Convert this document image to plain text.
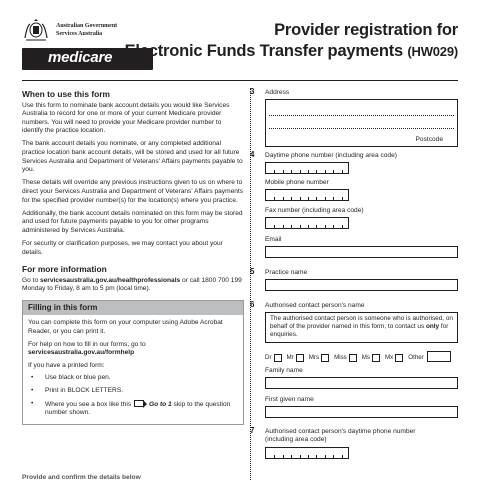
Australian Government
Services Australia
medicare
Provider registration for
Electronic Funds Transfer payments (HW029)
When to use this form

Use this form to nominate bank account details you would like Services Australia to record for one or more of your current Medicare provider numbers. You will need to provide your Medicare provider number to identify the practice location.

The bank account details you nominate, or any completed additional practice location bank account details, will be stored and used for all future Services Australia and Department of Veterans' Affairs payments payable to you.

These details will override any previous instructions given to us on where to direct your Services Australia and Department of Veterans' Affairs payments for the specified provider number(s) for the location(s) where you practice.

Additionally, the bank account details nominated on this form may be stored and used for future payments payable to you for other programs administered by Services Australia.

For security or clarification purposes, we may contact you about your details.

For more information

Go to servicesaustralia.gov.au/healthprofessionals or call 1800 700 199 Monday to Friday, 8 am to 5 pm (local time).

Filling in this form

You can complete this form on your computer using Adobe Acrobat Reader, or you can print it.

For help on how to fill in our forms, go to
servicesaustralia.gov.au/formhelp

If you have a printed form:

• Use black or blue pen.
• Print in BLOCK LETTERS.
• Where you see a box like this	Go to 1 skip to the question number shown.
Provide and confirm the details below
3 Address
Postcode
4 Daytime phone number (including area code)
Mobile phone number
Fax number (including area code)
Email
5 Practice name
6 Authorised contact person's name
The authorised contact person is someone who is authorised, on behalf of the provider named in this form, to contact us only for enquiries.
Dr Mr Mrs Miss Ms Mx Other
Family name
First given name
7 Authorised contact person's daytime phone number
(including area code)
